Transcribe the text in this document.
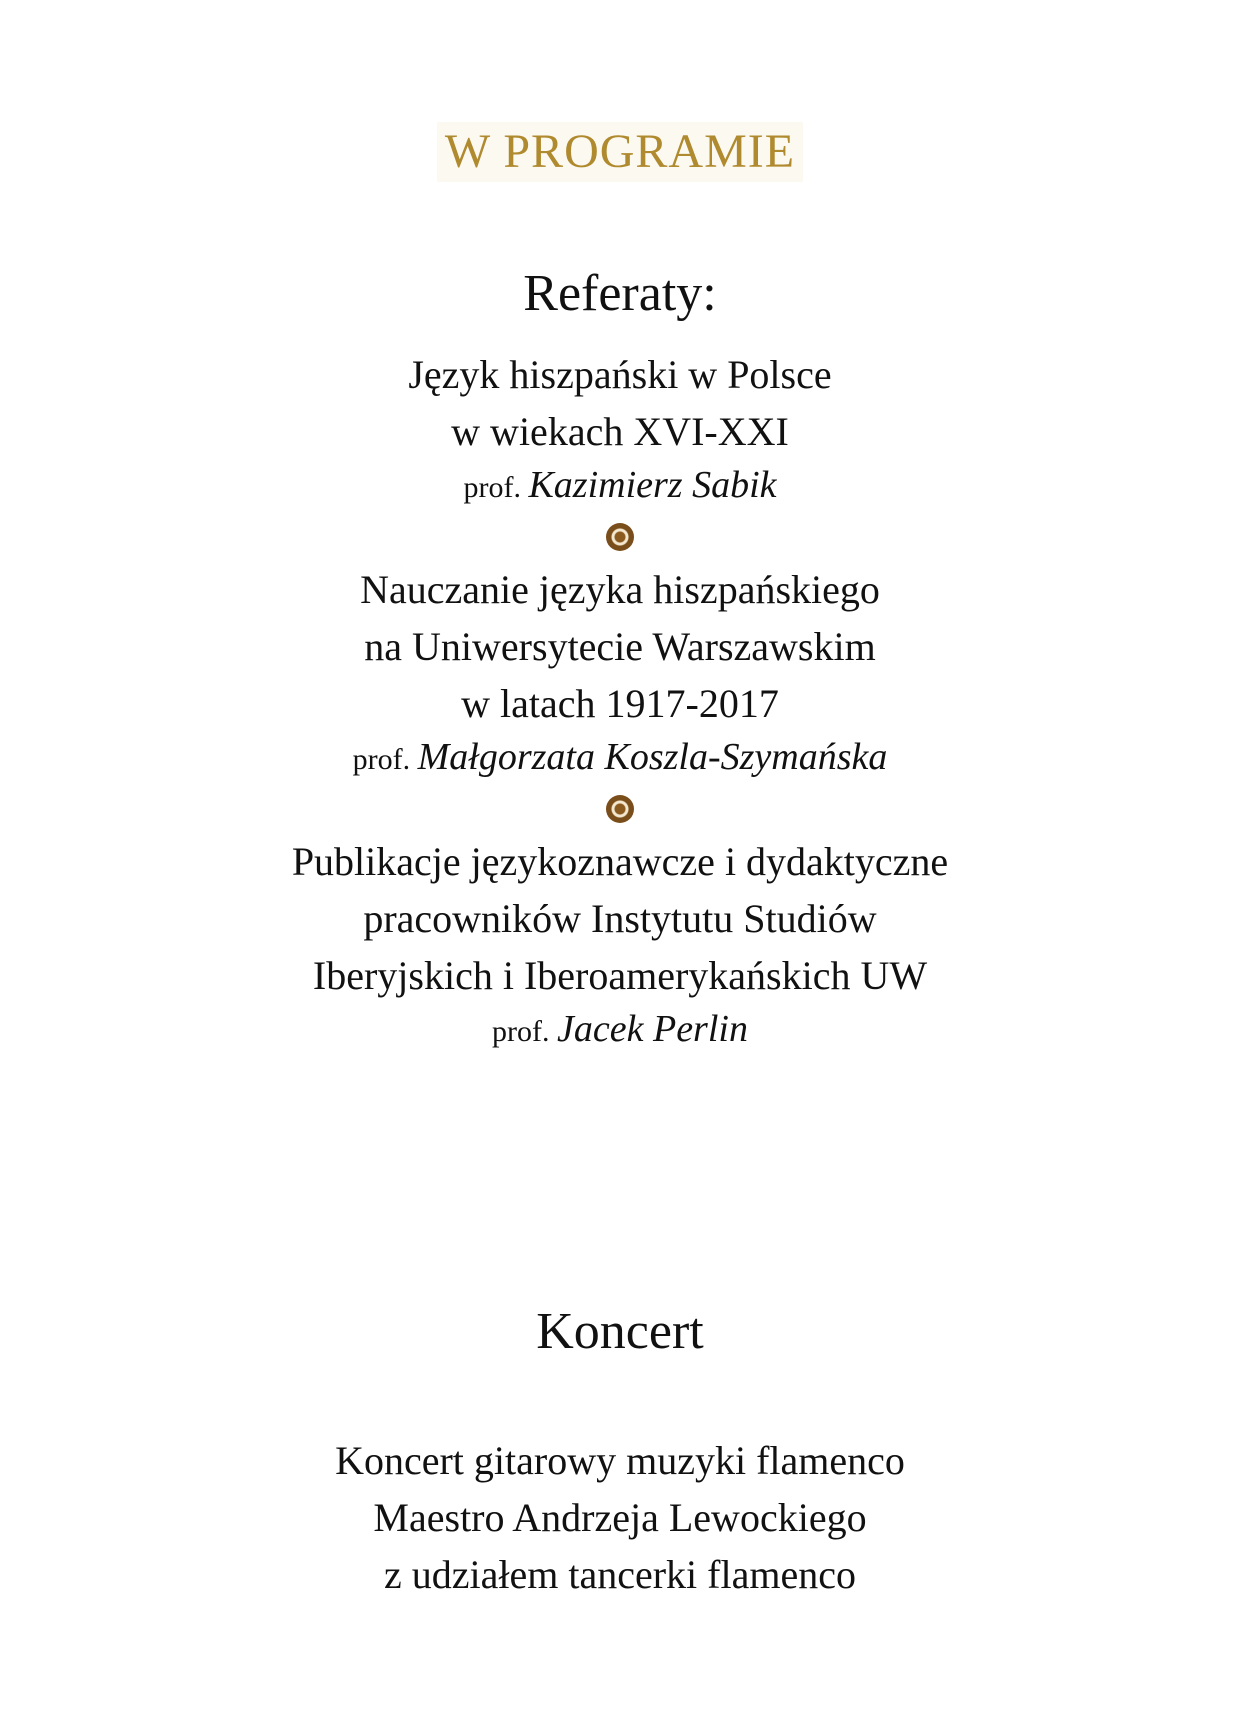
W PROGRAMIE
Referaty:
Język hiszpański w Polsce
w wiekach XVI-XXI
prof. Kazimierz Sabik
Nauczanie języka hiszpańskiego
na Uniwersytecie Warszawskim
w latach 1917-2017
prof. Małgorzata Koszla-Szymańska
Publikacje językoznawcze i dydaktyczne
pracowników Instytutu Studiów
Iberyjskich i Iberoamerykańskich UW
prof. Jacek Perlin
Koncert
Koncert gitarowy muzyki flamenco
Maestro Andrzeja Lewockiego
z udziałem tancerki flamenco
